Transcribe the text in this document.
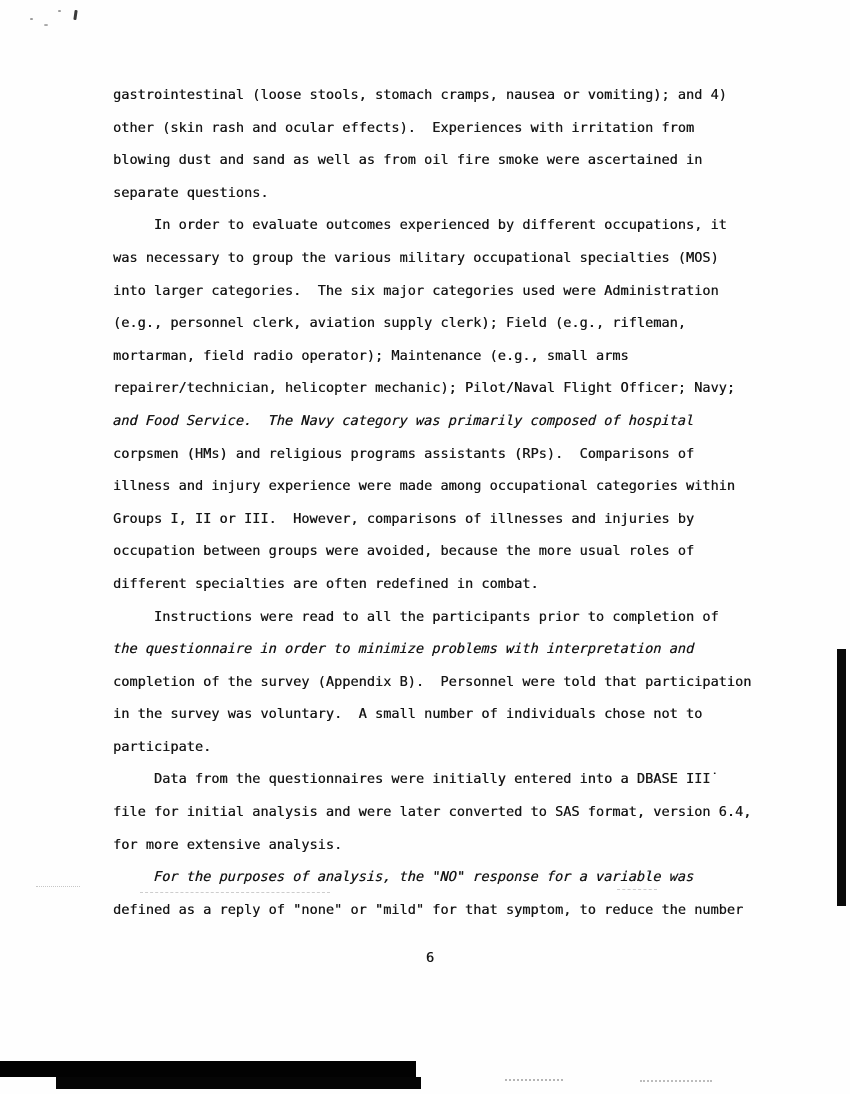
gastrointestinal (loose stools, stomach cramps, nausea or vomiting); and 4)
other (skin rash and ocular effects).  Experiences with irritation from
blowing dust and sand as well as from oil fire smoke were ascertained in
separate questions.
In order to evaluate outcomes experienced by different occupations, it
was necessary to group the various military occupational specialties (MOS)
into larger categories.  The six major categories used were Administration
(e.g., personnel clerk, aviation supply clerk); Field (e.g., rifleman,
mortarman, field radio operator); Maintenance (e.g., small arms
repairer/technician, helicopter mechanic); Pilot/Naval Flight Officer; Navy;
and Food Service.  The Navy category was primarily composed of hospital
corpsmen (HMs) and religious programs assistants (RPs).  Comparisons of
illness and injury experience were made among occupational categories within
Groups I, II or III.  However, comparisons of illnesses and injuries by
occupation between groups were avoided, because the more usual roles of
different specialties are often redefined in combat.
Instructions were read to all the participants prior to completion of
the questionnaire in order to minimize problems with interpretation and
completion of the survey (Appendix B).  Personnel were told that participation
in the survey was voluntary.  A small number of individuals chose not to
participate.
Data from the questionnaires were initially entered into a DBASE III˙
file for initial analysis and were later converted to SAS format, version 6.4,
for more extensive analysis.
For the purposes of analysis, the "NO" response for a variable was
defined as a reply of "none" or "mild" for that symptom, to reduce the number
6
